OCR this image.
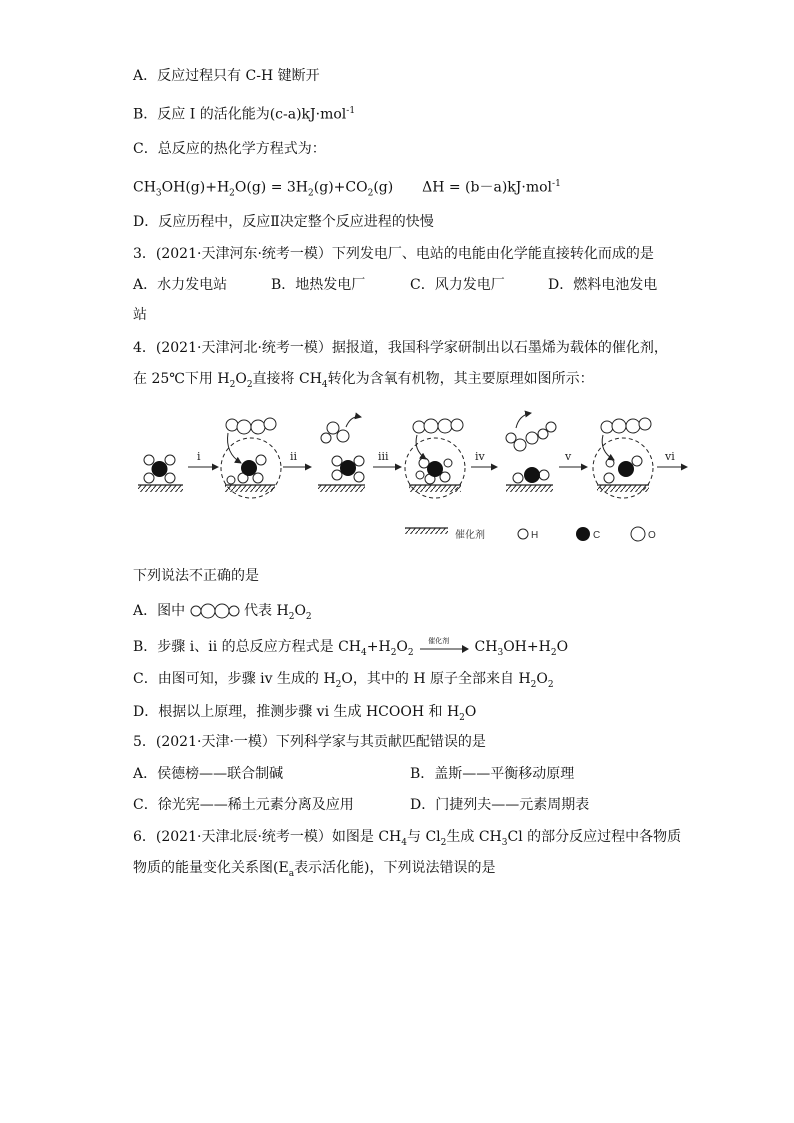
A．反应过程只有 C-H 键断开
B．反应 I 的活化能为(c-a)kJ·mol$^{-1}$
C．总反应的热化学方程式为：
$CH_3OH(g)+H_2O(g) = 3H_2(g)+CO_2(g) \Delta H = (b-a)kJ\cdot mol^{-1}$
D．反应历程中，反应Ⅱ决定整个反应进程的快慢
3．(2021·天津河东·统考一模）下列发电厂、电站的电能由化学能直接转化而成的是
A．水力发电站	B．地热发电厂	C．风力发电厂	D．燃料电池发电
站
4．(2021·天津河北·统考一模）据报道，我国科学家研制出以石墨烯为载体的催化剂，
在 25℃下用 $H_2O_2$直接将 $CH_4$转化为含氧有机物，其主要原理如图所示：
i	ii	iii	iv	v	vi
催化剂	H	C	O
下列说法不正确的是
A．图中	代表 $H_2O_2$
B．步骤 i、ii 的总反应方程式是 $CH_4+H_2O_2$
催化剂 $CH_3OH+H_2O$
C．由图可知，步骤 iv 生成的 $H_2O$，其中的 H 原子全部来自 $H_2O_2$
D．根据以上原理，推测步骤 vi 生成 HCOOH 和 $H_2O$
5．(2021·天津·一模）下列科学家与其贡献匹配错误的是
A．侯德榜——联合制碱	B．盖斯——平衡移动原理
C．徐光宪——稀土元素分离及应用	D．门捷列夫——元素周期表
6．(2021·天津北辰·统考一模）如图是 $CH_4$与 $Cl_2$生成 $CH_3Cl$ 的部分反应过程中各物质
物质的能量变化关系图($E_a$表示活化能)，下列说法错误的是
